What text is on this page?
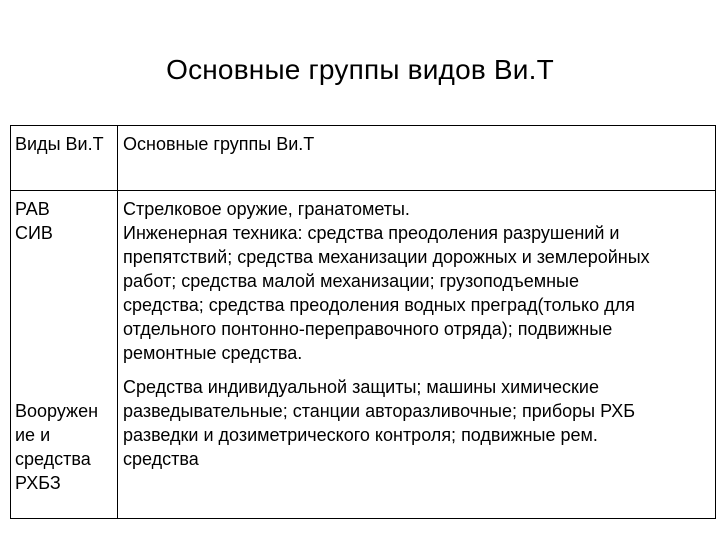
Основные группы видов Ви.Т
Виды Ви.Т Основные группы Ви.Т
РАВ
СИВ
Вооружен
ие и
средства
РХБЗ
Стрелковое оружие, гранатометы.
Инженерная техника: средства преодоления разрушений и
препятствий; средства механизации дорожных и землеройных
работ; средства малой механизации; грузоподъемные
средства; средства преодоления водных преград(только для
отдельного понтонно-переправочного отряда); подвижные
ремонтные средства.
Средства индивидуальной защиты; машины химические
разведывательные; станции авторазливочные; приборы РХБ
разведки и дозиметрического контроля; подвижные рем.
средства
